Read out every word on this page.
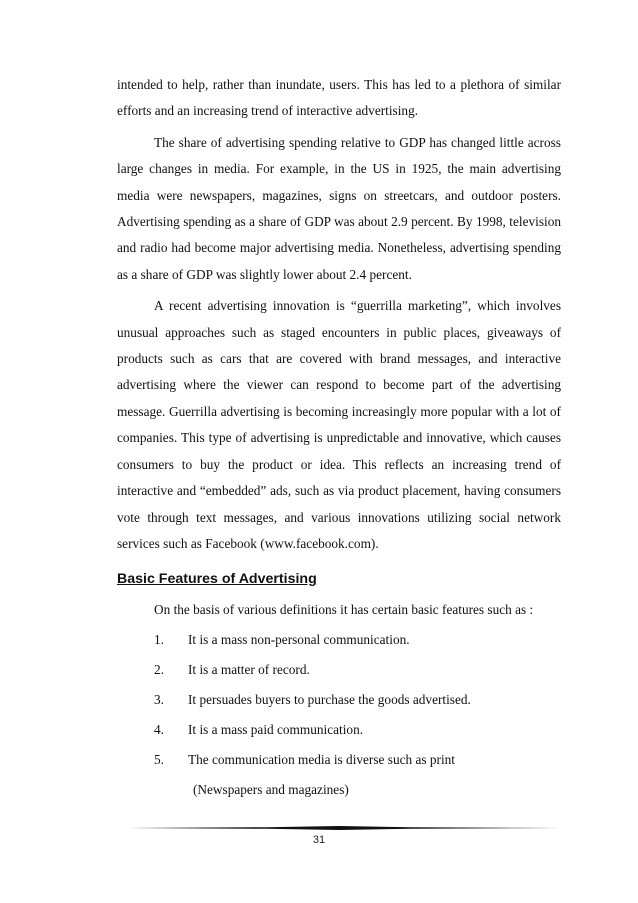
intended to help, rather than inundate, users. This has led to a plethora of similar efforts and an increasing trend of interactive advertising.

The share of advertising spending relative to GDP has changed little across large changes in media. For example, in the US in 1925, the main advertising media were newspapers, magazines, signs on streetcars, and outdoor posters. Advertising spending as a share of GDP was about 2.9 percent. By 1998, television and radio had become major advertising media. Nonetheless, advertising spending as a share of GDP was slightly lower about 2.4 percent.

A recent advertising innovation is “guerrilla marketing”, which involves unusual approaches such as staged encounters in public places, giveaways of products such as cars that are covered with brand messages, and interactive advertising where the viewer can respond to become part of the advertising message. Guerrilla advertising is becoming increasingly more popular with a lot of companies. This type of advertising is unpredictable and innovative, which causes consumers to buy the product or idea. This reflects an increasing trend of interactive and “embedded” ads, such as via product placement, having consumers vote through text messages, and various innovations utilizing social network services such as Facebook (www.facebook.com).

Basic Features of Advertising
On the basis of various definitions it has certain basic features such as :
1.	It is a mass non-personal communication.
2.	It is a matter of record.
3.	It persuades buyers to purchase the goods advertised.
4.	It is a mass paid communication.
5.	The communication media is diverse such as print
(Newspapers and magazines)
31
